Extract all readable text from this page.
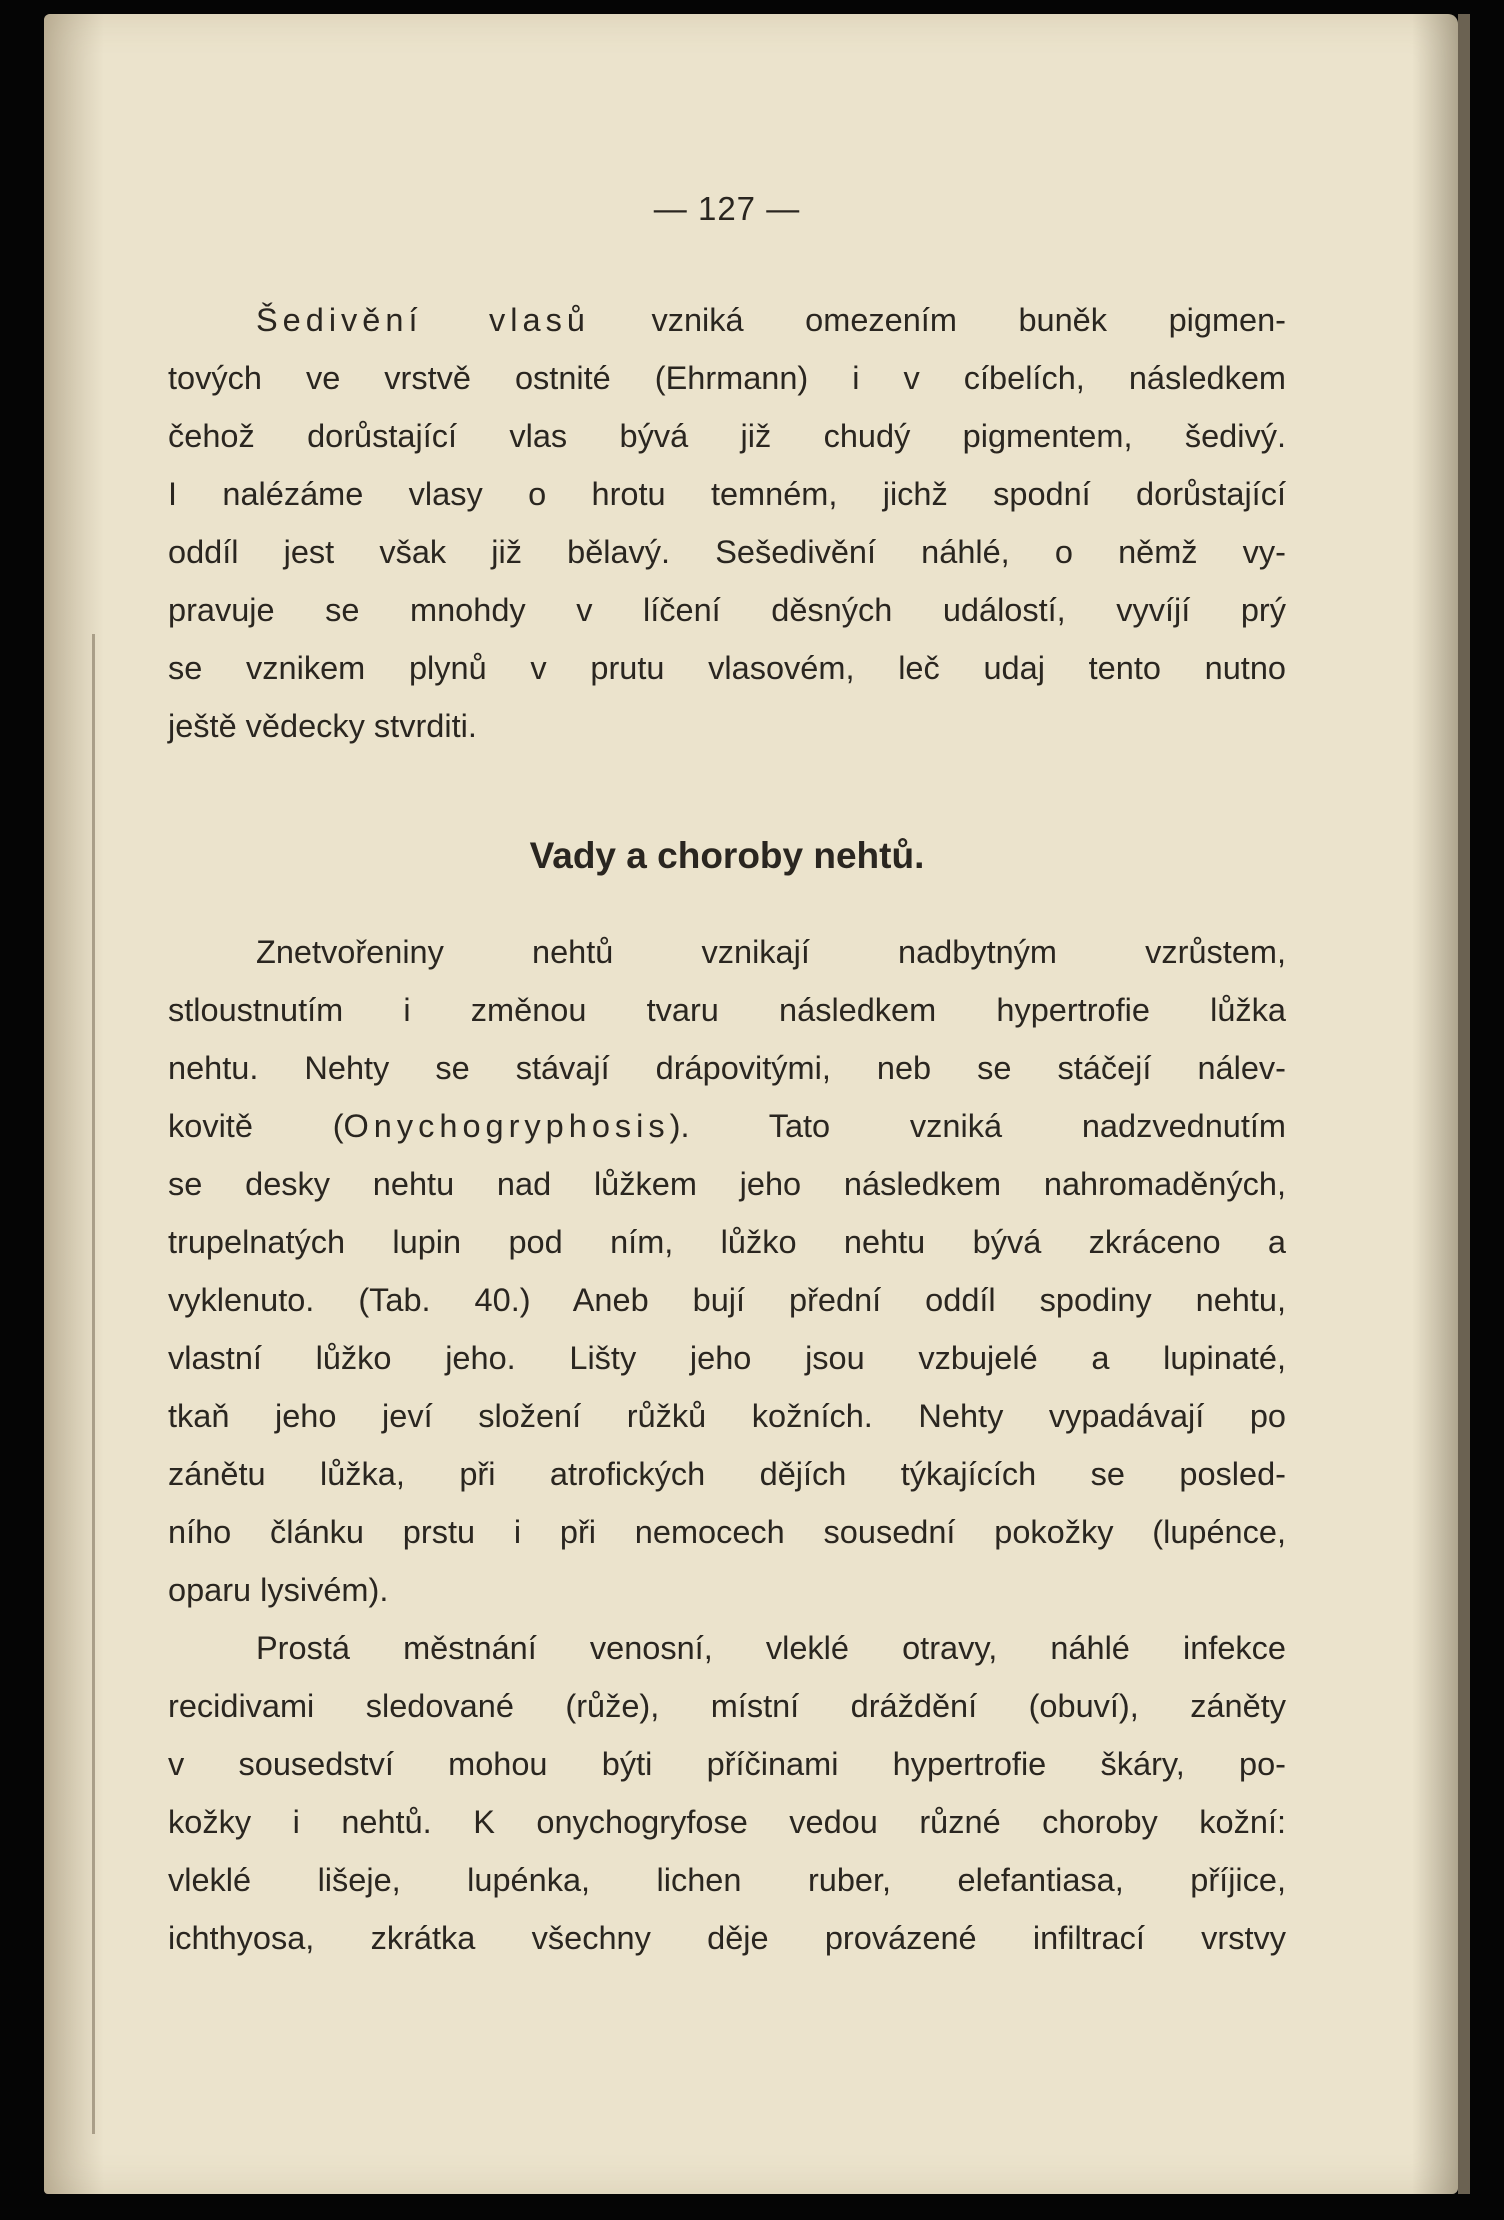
— 127 —
Šedivění vlasů vzniká omezením buněk pigmen-
tových ve vrstvě ostnité (Ehrmann) i v cíbelích, následkem
čehož dorůstající vlas bývá již chudý pigmentem, šedivý.
I nalézáme vlasy o hrotu temném, jichž spodní dorůstající
oddíl jest však již bělavý. Sešedivění náhlé, o němž vy-
pravuje se mnohdy v líčení děsných událostí, vyvíjí prý
se vznikem plynů v prutu vlasovém, leč udaj tento nutno
ještě vědecky stvrditi.
Vady a choroby nehtů.
Znetvořeniny nehtů vznikají nadbytným vzrůstem,
stloustnutím i změnou tvaru následkem hypertrofie lůžka
nehtu. Nehty se stávají drápovitými, neb se stáčejí nálev-
kovitě (Onychogryphosis). Tato vzniká nadzvednutím
se desky nehtu nad lůžkem jeho následkem nahromaděných,
trupelnatých lupin pod ním, lůžko nehtu bývá zkráceno a
vyklenuto. (Tab. 40.) Aneb bují přední oddíl spodiny nehtu,
vlastní lůžko jeho. Lišty jeho jsou vzbujelé a lupinaté,
tkaň jeho jeví složení růžků kožních. Nehty vypadávají po
zánětu lůžka, při atrofických dějích týkajících se posled-
ního článku prstu i při nemocech sousední pokožky (lupénce,
oparu lysivém).
Prostá městnání venosní, vleklé otravy, náhlé infekce
recidivami sledované (růže), místní dráždění (obuví), záněty
v sousedství mohou býti příčinami hypertrofie škáry, po-
kožky i nehtů. K onychogryfose vedou různé choroby kožní:
vleklé lišeje, lupénka, lichen ruber, elefantiasa, příjice,
ichthyosa, zkrátka všechny děje provázené infiltrací vrstvy
